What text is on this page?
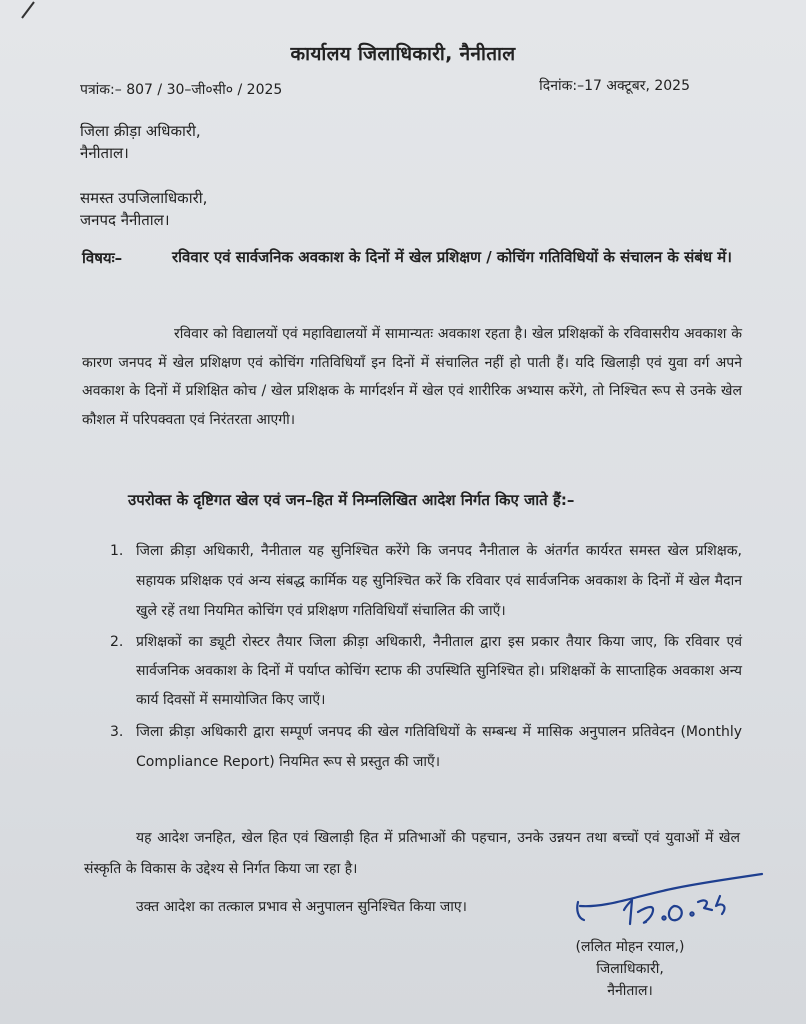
कार्यालय जिलाधिकारी, नैनीताल
पत्रांक:– 807 / 30–जी०सी० / 2025	दिनांक:–17 अक्टूबर, 2025
जिला क्रीड़ा अधिकारी,
नैनीताल।
समस्त उपजिलाधिकारी,
जनपद नैनीताल।
विषयः–	रविवार एवं सार्वजनिक अवकाश के दिनों में खेल प्रशिक्षण / कोचिंग गतिविधियों के संचालन के संबंध में।
रविवार को विद्यालयों एवं महाविद्यालयों में सामान्यतः अवकाश रहता है। खेल प्रशिक्षकों के रविवासरीय अवकाश के कारण जनपद में खेल प्रशिक्षण एवं कोचिंग गतिविधियाँ इन दिनों में संचालित नहीं हो पाती हैं। यदि खिलाड़ी एवं युवा वर्ग अपने अवकाश के दिनों में प्रशिक्षित कोच / खेल प्रशिक्षक के मार्गदर्शन में खेल एवं शारीरिक अभ्यास करेंगे, तो निश्चित रूप से उनके खेल कौशल में परिपक्वता एवं निरंतरता आएगी।
उपरोक्त के दृष्टिगत खेल एवं जन–हित में निम्नलिखित आदेश निर्गत किए जाते हैं:–
1. जिला क्रीड़ा अधिकारी, नैनीताल यह सुनिश्चित करेंगे कि जनपद नैनीताल के अंतर्गत कार्यरत समस्त खेल प्रशिक्षक, सहायक प्रशिक्षक एवं अन्य संबद्ध कार्मिक यह सुनिश्चित करें कि रविवार एवं सार्वजनिक अवकाश के दिनों में खेल मैदान खुले रहें तथा नियमित कोचिंग एवं प्रशिक्षण गतिविधियाँ संचालित की जाएँ।
2. प्रशिक्षकों का ड्यूटी रोस्टर तैयार जिला क्रीड़ा अधिकारी, नैनीताल द्वारा इस प्रकार तैयार किया जाए, कि रविवार एवं सार्वजनिक अवकाश के दिनों में पर्याप्त कोचिंग स्टाफ की उपस्थिति सुनिश्चित हो। प्रशिक्षकों के साप्ताहिक अवकाश अन्य कार्य दिवसों में समायोजित किए जाएँ।
3. जिला क्रीड़ा अधिकारी द्वारा सम्पूर्ण जनपद की खेल गतिविधियों के सम्बन्ध में मासिक अनुपालन प्रतिवेदन (Monthly Compliance Report) नियमित रूप से प्रस्तुत की जाएँ।
यह आदेश जनहित, खेल हित एवं खिलाड़ी हित में प्रतिभाओं की पहचान, उनके उन्नयन तथा बच्चों एवं युवाओं में खेल संस्कृति के विकास के उद्देश्य से निर्गत किया जा रहा है।
उक्त आदेश का तत्काल प्रभाव से अनुपालन सुनिश्चित किया जाए।
(ललित मोहन रयाल,)
जिलाधिकारी,
नैनीताल।
